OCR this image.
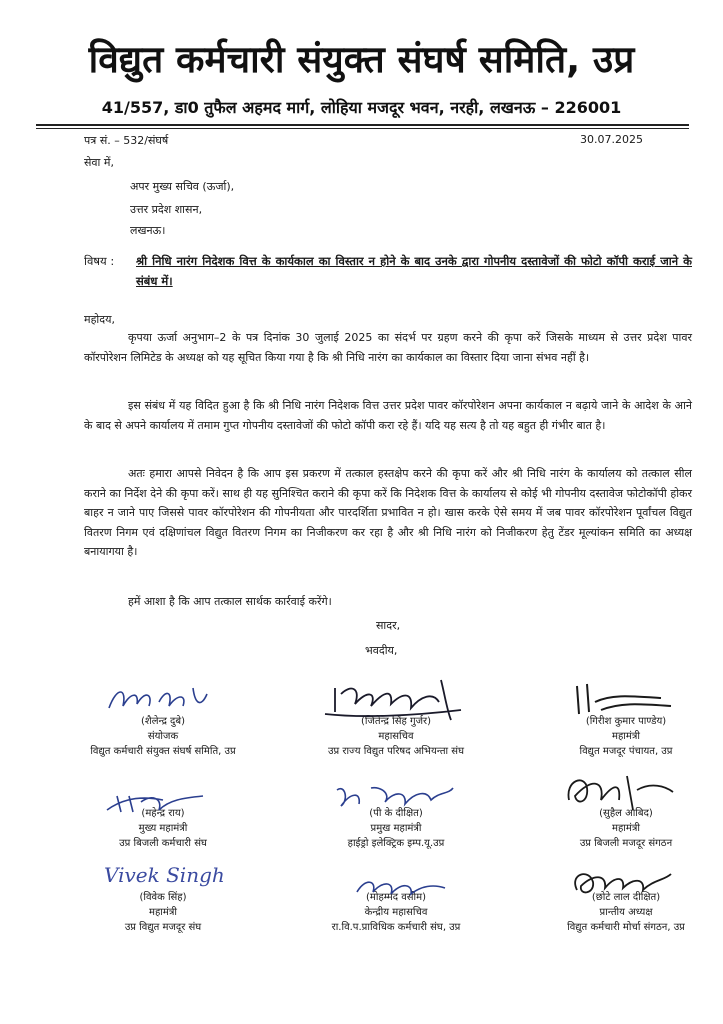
विद्युत कर्मचारी संयुक्त संघर्ष समिति, उप्र
41/557, डा0 तुफैल अहमद मार्ग, लोहिया मजदूर भवन, नरही, लखनऊ – 226001
पत्र सं. – 532/संघर्ष	30.07.2025
सेवा में,
अपर मुख्य सचिव (ऊर्जा),
उत्तर प्रदेश शासन,
लखनऊ।
विषय : श्री निधि नारंग निदेशक वित्त के कार्यकाल का विस्तार न होने के बाद उनके द्वारा गोपनीय दस्तावेजों की फोटो कॉपी कराई जाने के संबंध में।
महोदय,
कृपया ऊर्जा अनुभाग–2 के पत्र दिनांक 30 जुलाई 2025 का संदर्भ पर ग्रहण करने की कृपा करें जिसके माध्यम से उत्तर प्रदेश पावर कॉरपोरेशन लिमिटेड के अध्यक्ष को यह सूचित किया गया है कि श्री निधि नारंग का कार्यकाल का विस्तार दिया जाना संभव नहीं है।
इस संबंध में यह विदित हुआ है कि श्री निधि नारंग निदेशक वित्त उत्तर प्रदेश पावर कॉरपोरेशन अपना कार्यकाल न बढ़ाये जाने के आदेश के आने के बाद से अपने कार्यालय में तमाम गुप्त गोपनीय दस्तावेजों की फोटो कॉपी करा रहे हैं। यदि यह सत्य है तो यह बहुत ही गंभीर बात है।
अतः हमारा आपसे निवेदन है कि आप इस प्रकरण में तत्काल हस्तक्षेप करने की कृपा करें और श्री निधि नारंग के कार्यालय को तत्काल सील कराने का निर्देश देने की कृपा करें। साथ ही यह सुनिश्चित कराने की कृपा करें कि निदेशक वित्त के कार्यालय से कोई भी गोपनीय दस्तावेज फोटोकॉपी होकर बाहर न जाने पाए जिससे पावर कॉरपोरेशन की गोपनीयता और पारदर्शिता प्रभावित न हो। खास करके ऐसे समय में जब पावर कॉरपोरेशन पूर्वांचल विद्युत वितरण निगम एवं दक्षिणांचल विद्युत वितरण निगम का निजीकरण कर रहा है और श्री निधि नारंग को निजीकरण हेतु टेंडर मूल्यांकन समिति का अध्यक्ष बनायागया है।
हमें आशा है कि आप तत्काल सार्थक कार्रवाई करेंगे।
सादर,
भवदीय,
(शैलेन्द्र दुबे)
संयोजक
विद्युत कर्मचारी संयुक्त संघर्ष समिति, उप्र
(जितेन्द्र सिंह गुर्जर)
महासचिव
उप्र राज्य विद्युत परिषद अभियन्ता संघ
(गिरीश कुमार पाण्डेय)
महामंत्री
विद्युत मजदूर पंचायत, उप्र
(महेन्द्र राय)
मुख्य महामंत्री
उप्र बिजली कर्मचारी संघ
(पी के दीक्षित)
प्रमुख महामंत्री
हाईड्रो इलेक्ट्रिक इम्प.यू.उप्र
(सुहैल आबिद)
महामंत्री
उप्र बिजली मजदूर संगठन
Vivek Singh
(विवेक सिंह)
महामंत्री
उप्र विद्युत मजदूर संघ
(मोहम्मद वसीम)
केन्द्रीय महासचिव
रा.वि.प.प्राविधिक कर्मचारी संघ, उप्र
(छोटे लाल दीक्षित)
प्रान्तीय अध्यक्ष
विद्युत कर्मचारी मोर्चा संगठन, उप्र
